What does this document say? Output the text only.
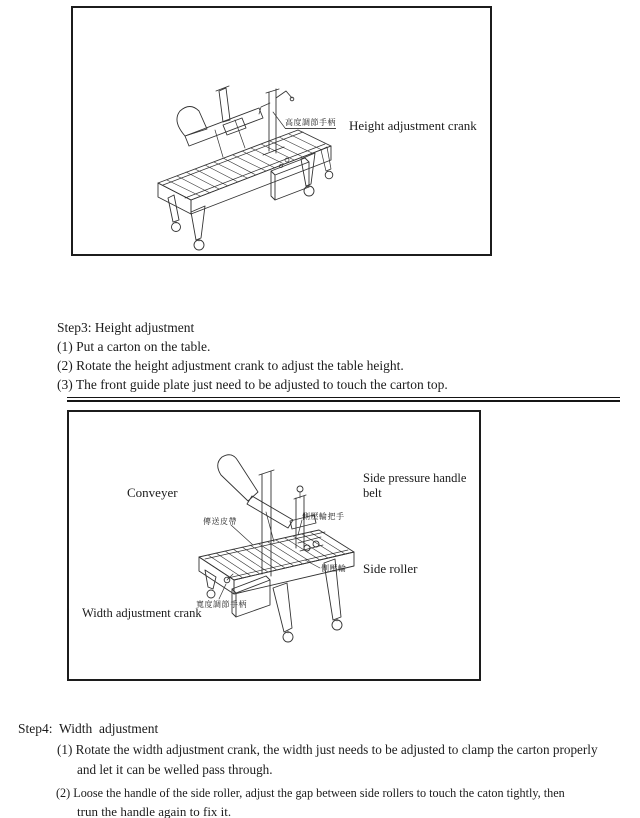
高度調節手柄 Height adjustment crank
Step3: Height adjustment
(1) Put a carton on the table.
(2) Rotate the height adjustment crank to adjust the table height.
(3) The front guide plate just need to be adjusted to touch the carton top.
Conveyer
Side pressure handle
belt
傳送皮帶
側壓輪把手
側壓輪 Side roller
寬度調節手柄
Width adjustment crank
Step4:  Width  adjustment
(1) Rotate the width adjustment crank, the width just needs to be adjusted to clamp the carton properly
and let it can be welled pass through.
(2) Loose the handle of the side roller, adjust the gap between side rollers to touch the caton tightly, then
trun the handle again to fix it.
